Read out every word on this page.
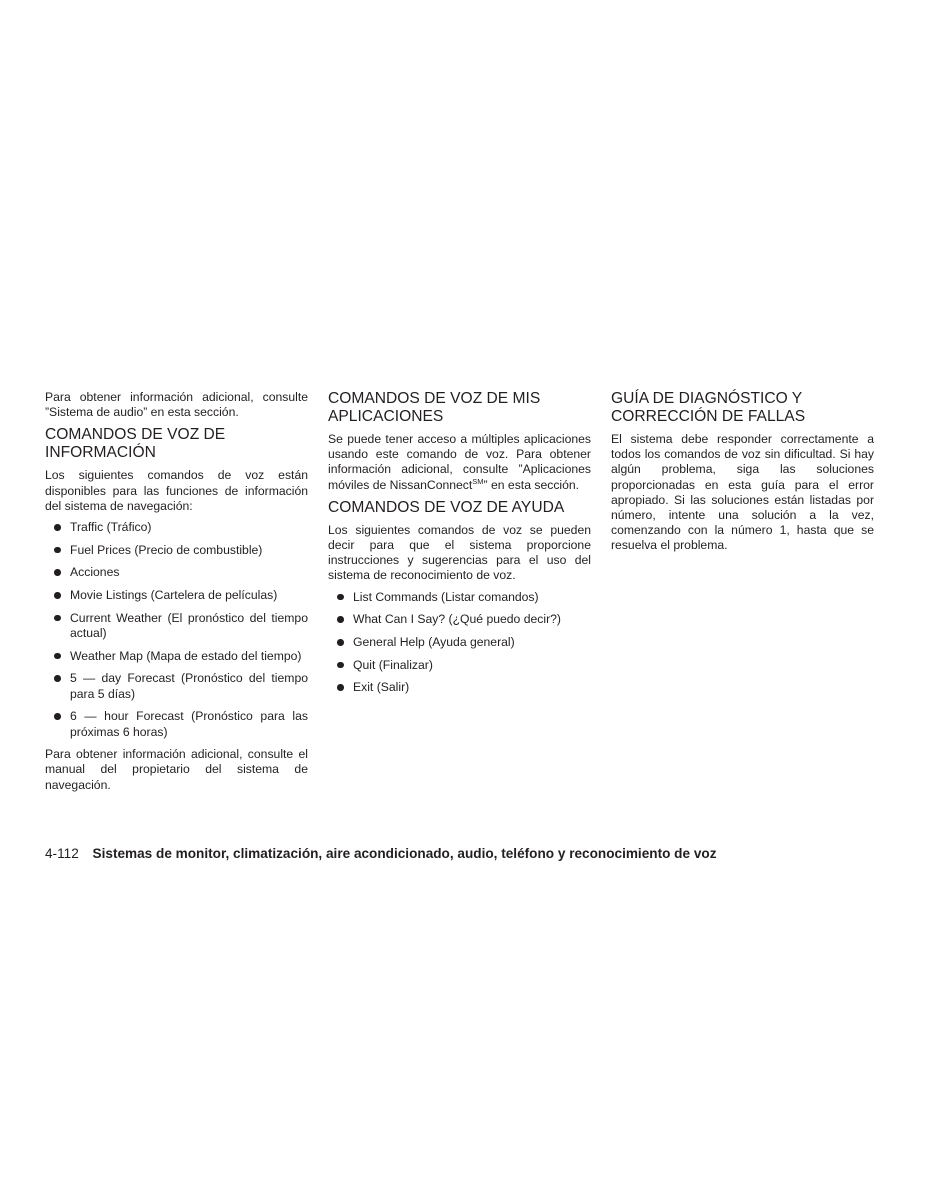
Para obtener información adicional, consulte ”Sistema de audio” en esta sección.

COMANDOS DE VOZ DE INFORMACIÓN

Los siguientes comandos de voz están disponibles para las funciones de información del sistema de navegación:

Traffic (Tráfico)
Fuel Prices (Precio de combustible)
Acciones
Movie Listings (Cartelera de películas)
Current Weather (El pronóstico del tiempo actual)
Weather Map (Mapa de estado del tiempo)
5 — day Forecast (Pronóstico del tiempo para 5 días)
6 — hour Forecast (Pronóstico para las próximas 6 horas)

Para obtener información adicional, consulte el manual del propietario del sistema de navegación.

COMANDOS DE VOZ DE MIS APLICACIONES

Se puede tener acceso a múltiples aplicaciones usando este comando de voz. Para obtener información adicional, consulte ”Aplicaciones móviles de NissanConnect℠” en esta sección.

COMANDOS DE VOZ DE AYUDA

Los siguientes comandos de voz se pueden decir para que el sistema proporcione instrucciones y sugerencias para el uso del sistema de reconocimiento de voz.

List Commands (Listar comandos)
What Can I Say? (¿Qué puedo decir?)
General Help (Ayuda general)
Quit (Finalizar)
Exit (Salir)
GUÍA DE DIAGNÓSTICO Y CORRECCIÓN DE FALLAS

El sistema debe responder correctamente a todos los comandos de voz sin dificultad. Si hay algún problema, siga las soluciones proporcionadas en esta guía para el error apropiado. Si las soluciones están listadas por número, intente una solución a la vez, comenzando con la número 1, hasta que se resuelva el problema.

4-112 Sistemas de monitor, climatización, aire acondicionado, audio, teléfono y reconocimiento de voz
